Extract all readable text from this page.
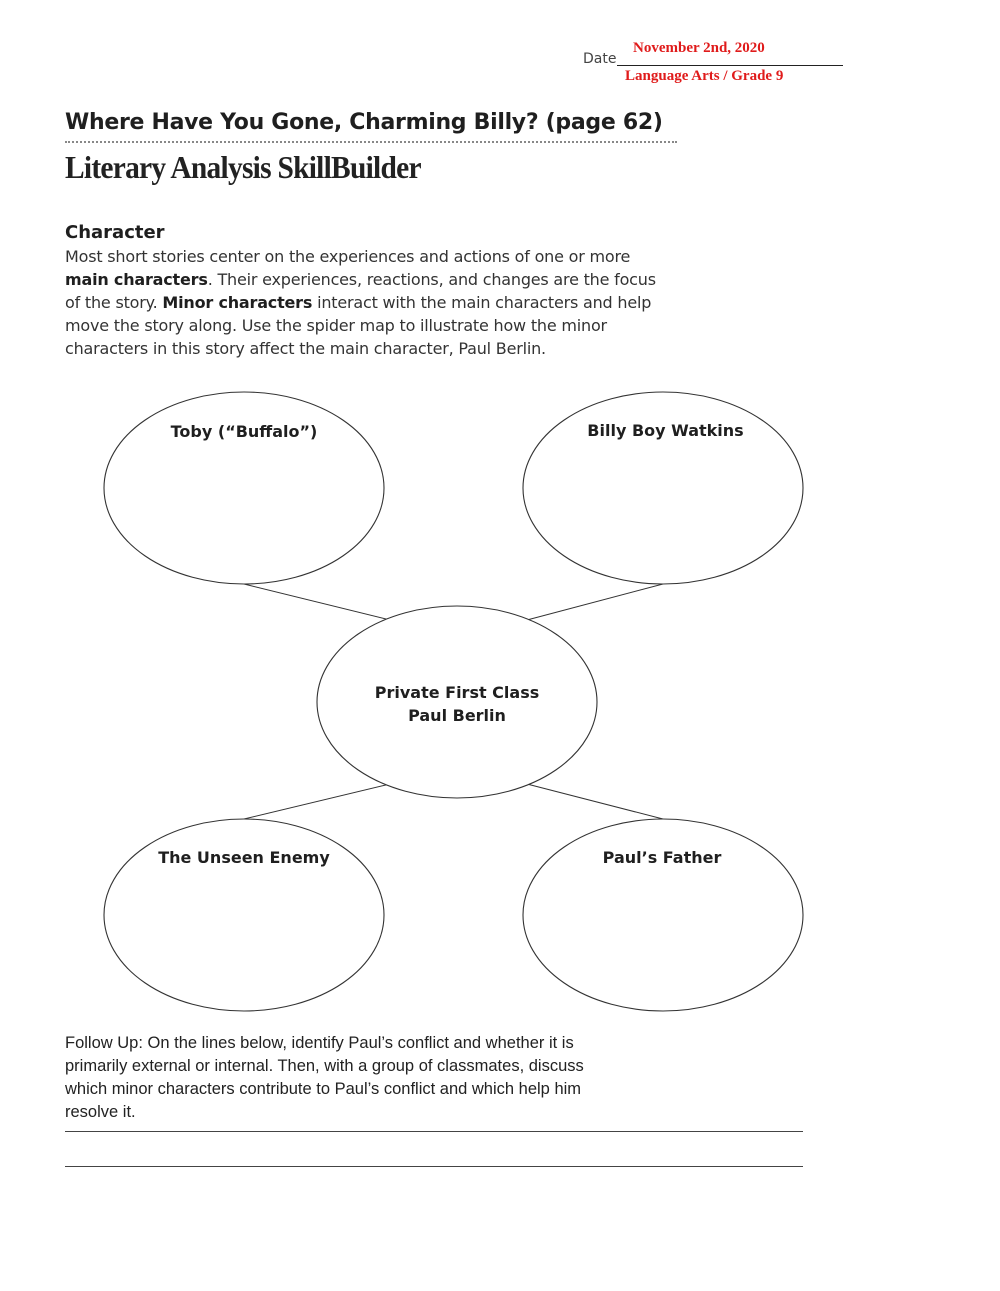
Date
November 2nd, 2020
Language Arts / Grade 9
Where Have You Gone, Charming Billy? (page 62)
Literary Analysis SkillBuilder
Character
Most short stories center on the experiences and actions of one or more main characters. Their experiences, reactions, and changes are the focus of the story. Minor characters interact with the main characters and help move the story along. Use the spider map to illustrate how the minor characters in this story affect the main character, Paul Berlin.
Toby (“Buffalo”)	Billy Boy Watkins
Private First Class
Paul Berlin
The Unseen Enemy	Paul’s Father
Follow Up: On the lines below, identify Paul’s conflict and whether it is primarily external or internal. Then, with a group of classmates, discuss which minor characters contribute to Paul’s conflict and which help him resolve it.
